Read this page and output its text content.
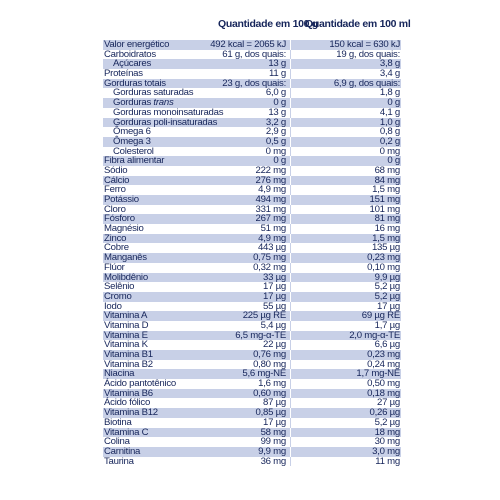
Quantidade em 100 g
Quantidade em 100 ml
Valor energético	492 kcal = 2065 kJ	150 kcal = 630 kJ
Carboidratos	61 g, dos quais:	19 g, dos quais:
Açúcares	13 g	3,8 g
Proteínas	11 g	3,4 g
Gorduras totais	23 g, dos quais:	6,9 g, dos quais:
Gorduras saturadas	6,0 g	1,8 g
Gorduras trans	0 g	0 g
Gorduras monoinsaturadas	13 g	4,1 g
Gorduras poli-insaturadas	3,2 g	1,0 g
Ômega 6	2,9 g	0,8 g
Ômega 3	0,5 g	0,2 g
Colesterol	0 mg	0 mg
Fibra alimentar	0 g	0 g
Sódio	222 mg	68 mg
Cálcio	276 mg	84 mg
Ferro	4,9 mg	1,5 mg
Potássio	494 mg	151 mg
Cloro	331 mg	101 mg
Fósforo	267 mg	81 mg
Magnésio	51 mg	16 mg
Zinco	4,9 mg	1,5 mg
Cobre	443 µg	135 µg
Manganês	0,75 mg	0,23 mg
Flúor	0,32 mg	0,10 mg
Molibdênio	33 µg	9,9 µg
Selênio	17 µg	5,2 µg
Cromo	17 µg	5,2 µg
Iodo	55 µg	17 µg
Vitamina A	225 µg RE	69 µg RE
Vitamina D	5,4 µg	1,7 µg
Vitamina E	6,5 mg-α-TE	2,0 mg-α-TE
Vitamina K	22 µg	6,6 µg
Vitamina B1	0,76 mg	0,23 mg
Vitamina B2	0,80 mg	0,24 mg
Niacina	5,6 mg-NE	1,7 mg-NE
Ácido pantotênico	1,6 mg	0,50 mg
Vitamina B6	0,60 mg	0,18 mg
Ácido fólico	87 µg	27 µg
Vitamina B12	0,85 µg	0,26 µg
Biotina	17 µg	5,2 µg
Vitamina C	58 mg	18 mg
Colina	99 mg	30 mg
Carnitina	9,9 mg	3,0 mg
Taurina	36 mg	11 mg
